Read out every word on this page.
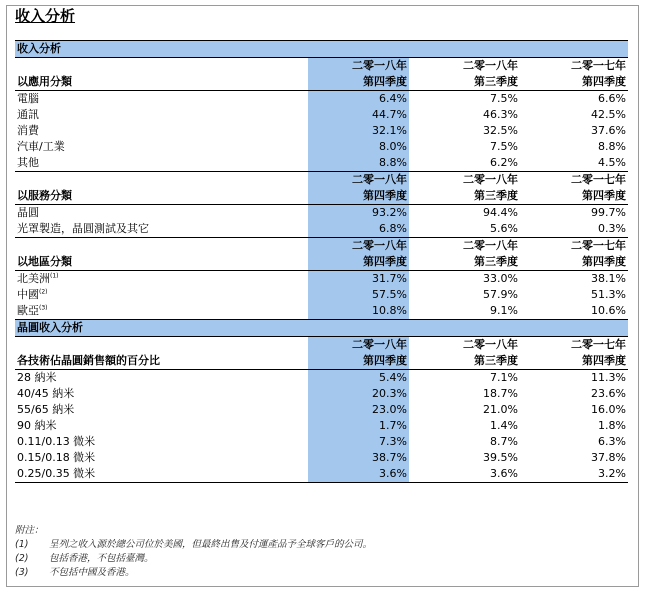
收入分析
收入分析			
	二零一八年	二零一八年	二零一七年
以應用分類	第四季度	第三季度	第四季度
電腦	6.4%	7.5%	6.6%
通訊	44.7%	46.3%	42.5%
消費	32.1%	32.5%	37.6%
汽車/工業	8.0%	7.5%	8.8%
其他	8.8%	6.2%	4.5%
	二零一八年	二零一八年	二零一七年
以服務分類	第四季度	第三季度	第四季度
晶圓	93.2%	94.4%	99.7%
光罩製造，晶圓測試及其它	6.8%	5.6%	0.3%
	二零一八年	二零一八年	二零一七年
以地區分類	第四季度	第三季度	第四季度
北美洲$^{(1)}$	31.7%	33.0%	38.1%
中國$^{(2)}$	57.5%	57.9%	51.3%
歐亞$^{(3)}$	10.8%	9.1%	10.6%
晶圓收入分析			
	二零一八年	二零一八年	二零一七年
各技術佔晶圓銷售額的百分比	第四季度	第三季度	第四季度
28 納米	5.4%	7.1%	11.3%
40/45 納米	20.3%	18.7%	23.6%
55/65 納米	23.0%	21.0%	16.0%
90 納米	1.7%	1.4%	1.8%
0.11/0.13 微米	7.3%	8.7%	6.3%
0.15/0.18 微米	38.7%	39.5%	37.8%
0.25/0.35 微米	3.6%	3.6%	3.2%
附注：
(1)	呈列之收入源於總公司位於美國，但最終出售及付運產品予全球客戶的公司。
(2)	包括香港，不包括臺灣。
(3)	不包括中國及香港。
